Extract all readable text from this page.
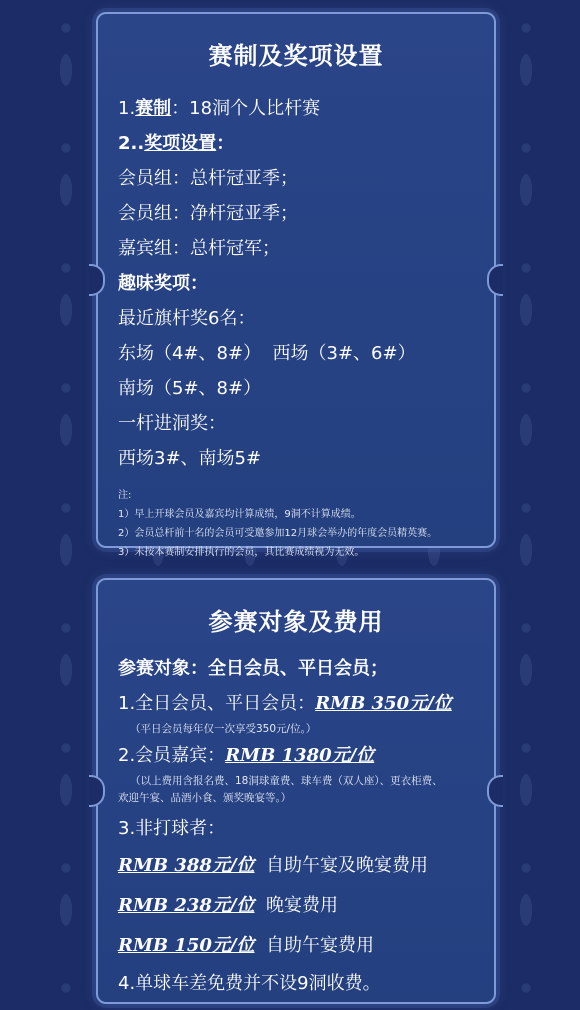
赛制及奖项设置
1.赛制：18洞个人比杆赛
2..奖项设置：
会员组：总杆冠亚季；
会员组：净杆冠亚季；
嘉宾组：总杆冠军；
趣味奖项：
最近旗杆奖6名：
东场（4#、8#）  西场（3#、6#）
南场（5#、8#）
一杆进洞奖：
西场3#、南场5#
注:
1）早上开球会员及嘉宾均计算成绩，9洞不计算成绩。
2）会员总杆前十名的会员可受邀参加12月球会举办的年度会员精英赛。
3）未按本赛制安排执行的会员，其比赛成绩视为无效。
参赛对象及费用
参赛对象：全日会员、平日会员；
1.全日会员、平日会员：RMB 350元/位
（平日会员每年仅一次享受350元/位。）
2.会员嘉宾：RMB 1380元/位
（以上费用含报名费、18洞球童费、球车费（双人座）、更衣柜费、
欢迎午宴、品酒小食、颁奖晚宴等。）
3.非打球者：
RMB 388元/位 自助午宴及晚宴费用
RMB 238元/位 晚宴费用
RMB 150元/位 自助午宴费用
4.单球车差免费并不设9洞收费。
